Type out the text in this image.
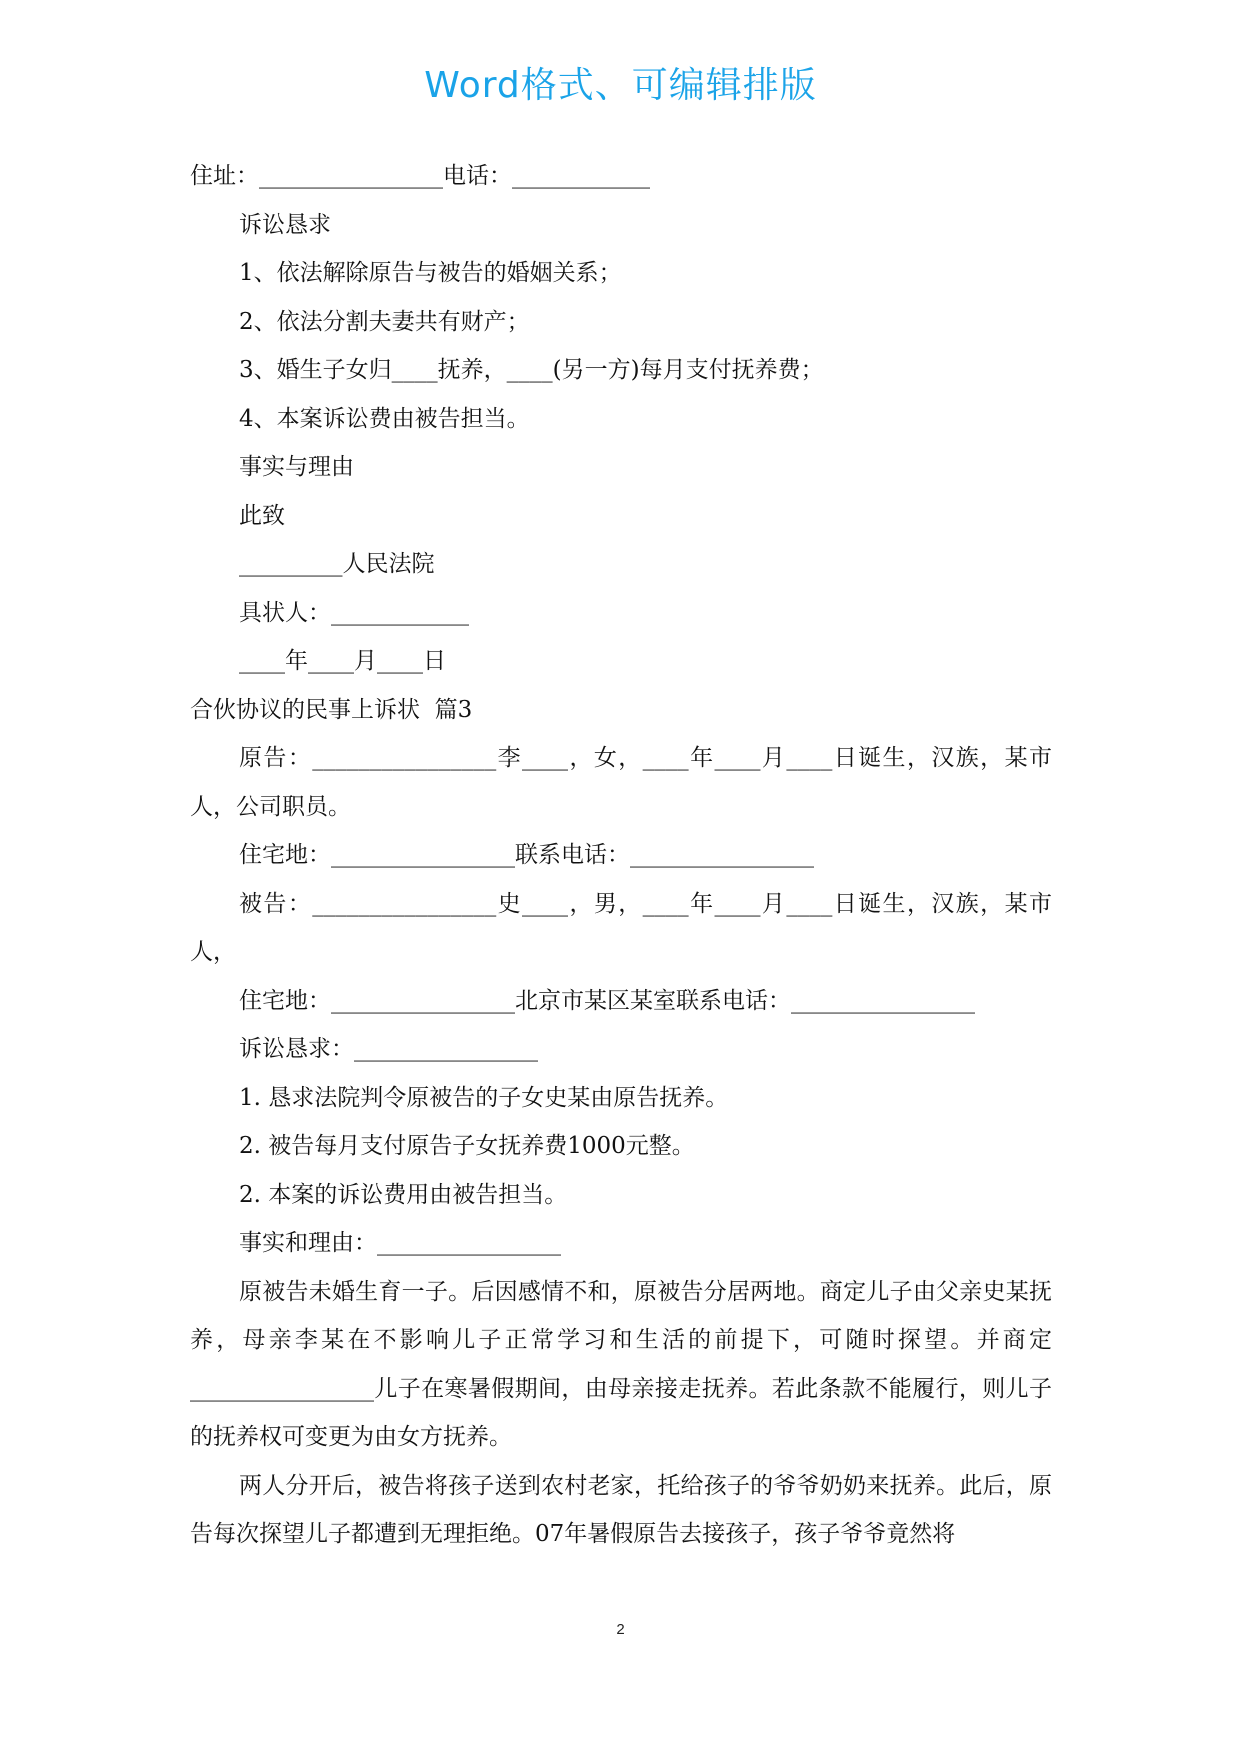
Word格式、可编辑排版

住址：________________电话：____________

诉讼恳求

1、依法解除原告与被告的婚姻关系；

2、依法分割夫妻共有财产；

3、婚生子女归____抚养，____(另一方)每月支付抚养费；

4、本案诉讼费由被告担当。

事实与理由

此致

_________人民法院

具状人：____________

____年____月____日

合伙协议的民事上诉状  篇3

原告：________________李____，女，____年____月____日诞生，汉族，某市人，公司职员。

住宅地：________________联系电话：________________

被告：________________史____，男，____年____月____日诞生，汉族，某市人，

住宅地：________________北京市某区某室联系电话：________________

诉讼恳求：________________

1. 恳求法院判令原被告的子女史某由原告抚养。

2. 被告每月支付原告子女抚养费1000元整。

2. 本案的诉讼费用由被告担当。

事实和理由：________________

原被告未婚生育一子。后因感情不和，原被告分居两地。商定儿子由父亲史某抚养，母亲李某在不影响儿子正常学习和生活的前提下，可随时探望。并商定________________儿子在寒暑假期间，由母亲接走抚养。若此条款不能履行，则儿子的抚养权可变更为由女方抚养。

两人分开后，被告将孩子送到农村老家，托给孩子的爷爷奶奶来抚养。此后，原告每次探望儿子都遭到无理拒绝。07年暑假原告去接孩子，孩子爷爷竟然将

2
